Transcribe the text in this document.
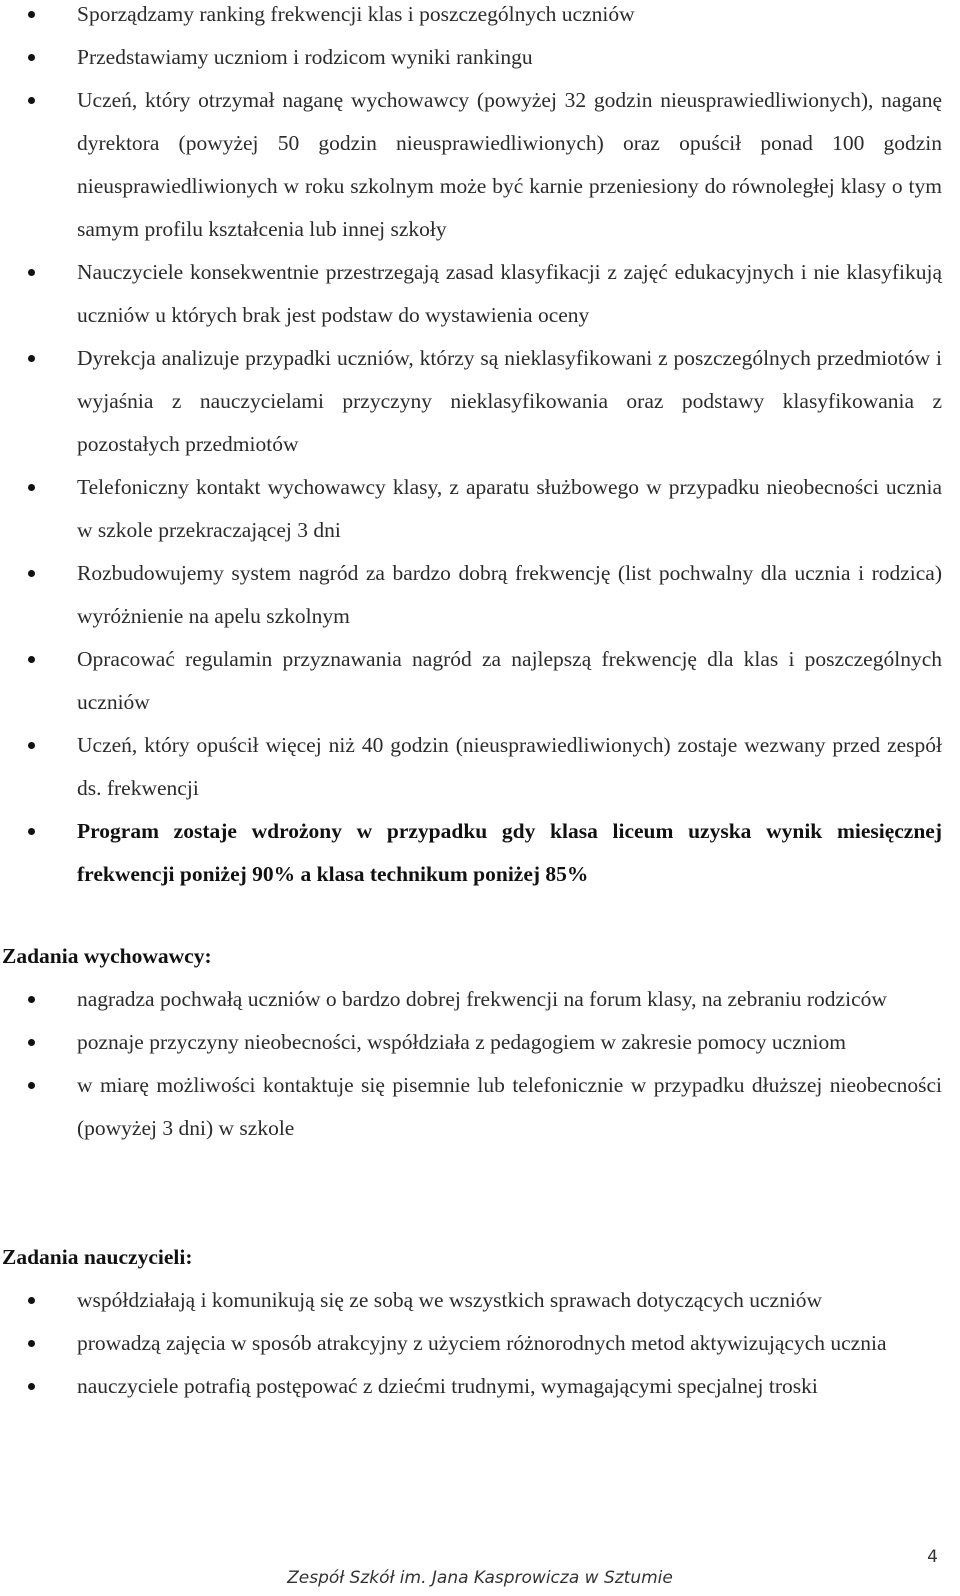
Sporządzamy ranking frekwencji klas i poszczególnych uczniów
Przedstawiamy uczniom i rodzicom wyniki rankingu
Uczeń, który otrzymał naganę wychowawcy (powyżej 32 godzin nieusprawiedliwionych), naganę dyrektora (powyżej 50 godzin nieusprawiedliwionych) oraz opuścił ponad 100 godzin nieusprawiedliwionych w roku szkolnym może być karnie przeniesiony do równoległej klasy o tym samym profilu kształcenia lub innej szkoły
Nauczyciele konsekwentnie przestrzegają zasad klasyfikacji z zajęć edukacyjnych i nie klasyfikują uczniów u których brak jest podstaw do wystawienia oceny
Dyrekcja analizuje przypadki uczniów, którzy są nieklasyfikowani z poszczególnych przedmiotów i wyjaśnia z nauczycielami przyczyny nieklasyfikowania oraz podstawy klasyfikowania z pozostałych przedmiotów
Telefoniczny kontakt wychowawcy klasy, z aparatu służbowego w przypadku nieobecności ucznia w szkole przekraczającej 3 dni
Rozbudowujemy system nagród za bardzo dobrą frekwencję (list pochwalny dla ucznia i rodzica) wyróżnienie na apelu szkolnym
Opracować regulamin przyznawania nagród za najlepszą frekwencję dla klas i poszczególnych uczniów
Uczeń, który opuścił więcej niż 40 godzin (nieusprawiedliwionych) zostaje wezwany przed zespół ds. frekwencji
Program zostaje wdrożony w przypadku gdy klasa liceum uzyska wynik miesięcznej frekwencji poniżej 90% a klasa technikum poniżej 85%
Zadania wychowawcy:
nagradza pochwałą uczniów o bardzo dobrej frekwencji na forum klasy, na zebraniu rodziców
poznaje przyczyny nieobecności, współdziała z pedagogiem w zakresie pomocy uczniom
w miarę możliwości kontaktuje się pisemnie lub telefonicznie w przypadku dłuższej nieobecności (powyżej 3 dni) w szkole
Zadania nauczycieli:
współdziałają i komunikują się ze sobą we wszystkich sprawach dotyczących uczniów
prowadzą zajęcia w sposób atrakcyjny z użyciem różnorodnych metod aktywizujących ucznia
nauczyciele potrafią postępować z dziećmi trudnymi, wymagającymi specjalnej troski
4
Zespół Szkół im. Jana Kasprowicza w Sztumie
